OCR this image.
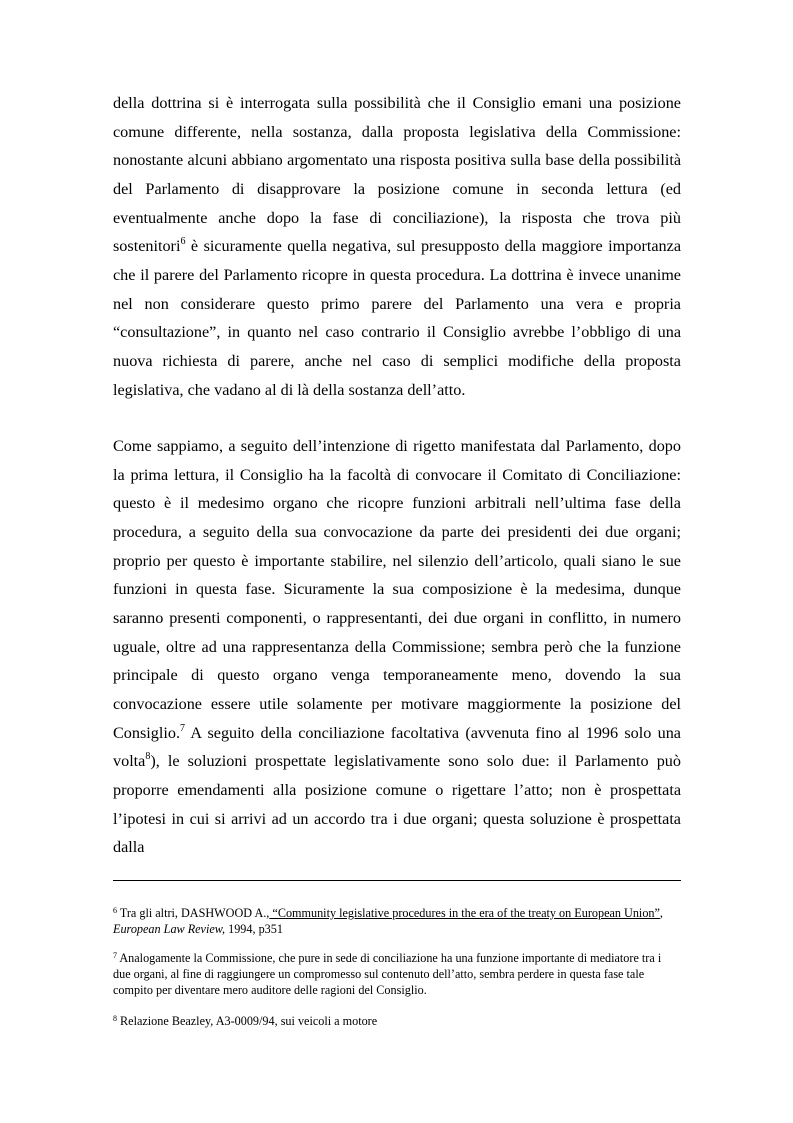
della dottrina si è interrogata sulla possibilità che il Consiglio emani una posizione comune differente, nella sostanza, dalla proposta legislativa della Commissione: nonostante alcuni abbiano argomentato una risposta positiva sulla base della possibilità del Parlamento di disapprovare la posizione comune in seconda lettura (ed eventualmente anche dopo la fase di conciliazione), la risposta che trova più sostenitori$^6$ è sicuramente quella negativa, sul presupposto della maggiore importanza che il parere del Parlamento ricopre in questa procedura. La dottrina è invece unanime nel non considerare questo primo parere del Parlamento una vera e propria “consultazione”, in quanto nel caso contrario il Consiglio avrebbe l’obbligo di una nuova richiesta di parere, anche nel caso di semplici modifiche della proposta legislativa, che vadano al di là della sostanza dell’atto.

Come sappiamo, a seguito dell’intenzione di rigetto manifestata dal Parlamento, dopo la prima lettura, il Consiglio ha la facoltà di convocare il Comitato di Conciliazione: questo è il medesimo organo che ricopre funzioni arbitrali nell’ultima fase della procedura, a seguito della sua convocazione da parte dei presidenti dei due organi; proprio per questo è importante stabilire, nel silenzio dell’articolo, quali siano le sue funzioni in questa fase. Sicuramente la sua composizione è la medesima, dunque saranno presenti componenti, o rappresentanti, dei due organi in conflitto, in numero uguale, oltre ad una rappresentanza della Commissione; sembra però che la funzione principale di questo organo venga temporaneamente meno, dovendo la sua convocazione essere utile solamente per motivare maggiormente la posizione del Consiglio.$^7$ A seguito della conciliazione facoltativa (avvenuta fino al 1996 solo una volta$^8$), le soluzioni prospettate legislativamente sono solo due: il Parlamento può proporre emendamenti alla posizione comune o rigettare l’atto; non è prospettata l’ipotesi in cui si arrivi ad un accordo tra i due organi; questa soluzione è prospettata dalla

$^6$ Tra gli altri, DASHWOOD A., “Community legislative procedures in the era of the treaty on European Union”, European Law Review, 1994, p351

$^7$ Analogamente la Commissione, che pure in sede di conciliazione ha una funzione importante di mediatore tra i due organi, al fine di raggiungere un compromesso sul contenuto dell’atto, sembra perdere in questa fase tale compito per diventare mero auditore delle ragioni del Consiglio.

$^8$ Relazione Beazley, A3-0009/94, sui veicoli a motore
